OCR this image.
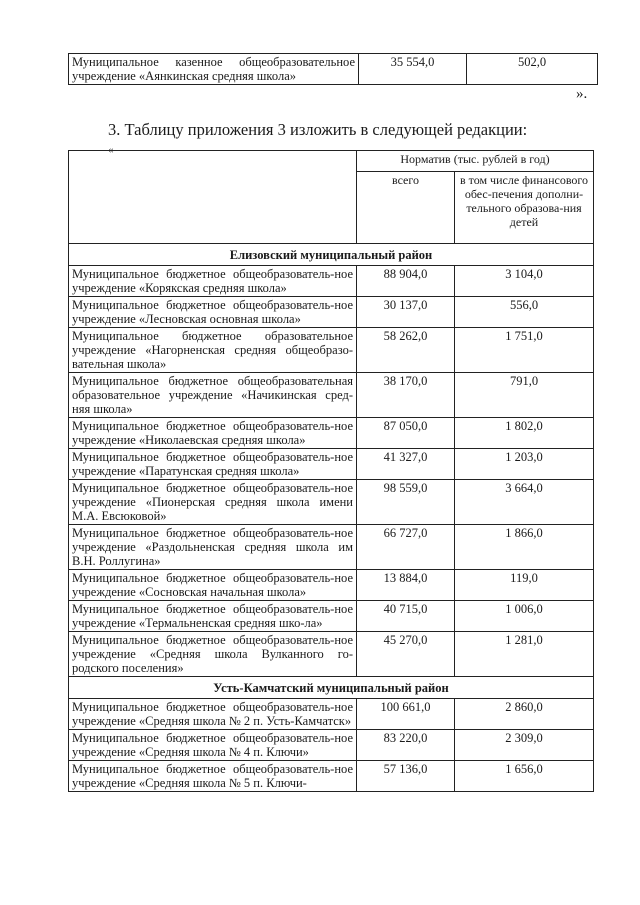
Муниципальное казенное общеобразовательное учреждение «Аянкинская средняя школа»	35 554,0	502,0
».
3. Таблицу приложения 3 изложить в следующей редакции:
«
	Норматив (тыс. рублей в год)	
	всего	в том числе финансового обес-печения дополни-тельного образова-ния детей
Елизовский муниципальный район		
Муниципальное бюджетное общеобразователь-ное учреждение «Корякская средняя школа»	88 904,0	3 104,0
Муниципальное бюджетное общеобразователь-ное учреждение «Лесновская основная школа»	30 137,0	556,0
Муниципальное бюджетное образовательное учреждение «Нагорненская средняя общеобразо-вательная школа»	58 262,0	1 751,0
Муниципальное бюджетное общеобразовательная образовательное учреждение «Начикинская сред-няя школа»	38 170,0	791,0
Муниципальное бюджетное общеобразователь-ное учреждение «Николаевская средняя школа»	87 050,0	1 802,0
Муниципальное бюджетное общеобразователь-ное учреждение «Паратунская средняя школа»	41 327,0	1 203,0
Муниципальное бюджетное общеобразователь-ное учреждение «Пионерская средняя школа имени М.А. Евсюковой»	98 559,0	3 664,0
Муниципальное бюджетное общеобразователь-ное учреждение «Раздольненская средняя школа им В.Н. Роллугина»	66 727,0	1 866,0
Муниципальное бюджетное общеобразователь-ное учреждение «Сосновская начальная школа»	13 884,0	119,0
Муниципальное бюджетное общеобразователь-ное учреждение «Термальненская средняя шко-ла»	40 715,0	1 006,0
Муниципальное бюджетное общеобразователь-ное учреждение «Средняя школа Вулканного го-родского поселения»	45 270,0	1 281,0
Усть-Камчатский муниципальный район		
Муниципальное бюджетное общеобразователь-ное учреждение «Средняя школа № 2 п. Усть-Камчатск»	100 661,0	2 860,0
Муниципальное бюджетное общеобразователь-ное учреждение «Средняя школа № 4 п. Ключи»	83 220,0	2 309,0
Муниципальное бюджетное общеобразователь-ное учреждение «Средняя школа № 5 п. Ключи-	57 136,0	1 656,0
